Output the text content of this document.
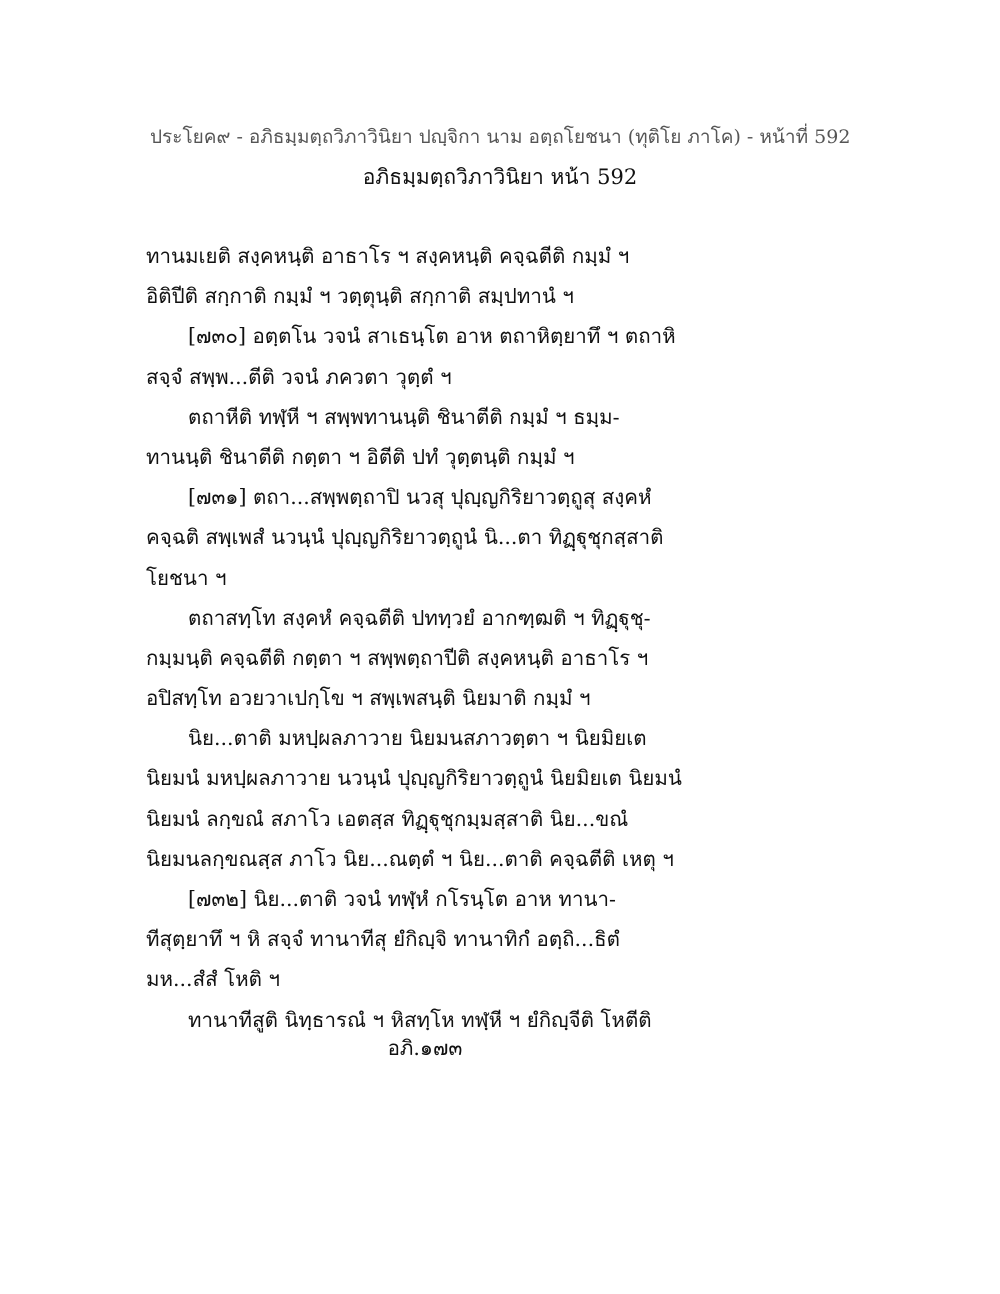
ประโยค๙ - อภิธมฺมตฺถวิภาวินิยา ปญฺจิกา นาม อตฺถโยชนา (ทุติโย ภาโค) - หน้าที่ 592
อภิธมฺมตฺถวิภาวินิยา หน้า 592
ทานมเยติ สงฺคหนฺติ อาธาโร ฯ สงฺคหนฺติ คจฺฉตีติ กมฺมํ ฯ
อิติปีติ สกฺกาติ กมฺมํ ฯ วตฺตุนฺติ สกฺกาติ สมฺปทานํ ฯ
[๗๓๐] อตฺตโน วจนํ สาเธนฺโต อาห ตถาหิตฺยาทึ ฯ ตถาหิ
สจฺจํ สพฺพ...ตีติ วจนํ ภควตา วุตฺตํ ฯ
ตถาหีติ ทฬฺหี ฯ สพฺพทานนฺติ ชินาตีติ กมฺมํ ฯ ธมฺม-
ทานนฺติ ชินาตีติ กตฺตา ฯ อิตีติ ปทํ วุตฺตนฺติ กมฺมํ ฯ
[๗๓๑] ตถา...สพฺพตฺถาปิ นวสุ ปุญฺญกิริยาวตฺถูสุ สงฺคหํ
คจฺฉติ สพฺเพสํ นวนฺนํ ปุญฺญกิริยาวตฺถูนํ นิ...ตา ทิฏฺฐุชุกสฺสาติ
โยชนา ฯ
ตถาสทฺโท สงฺคหํ คจฺฉตีติ ปททฺวยํ อากฑฺฒติ ฯ ทิฏฺฐุชุ-
กมฺมนฺติ คจฺฉตีติ กตฺตา ฯ สพฺพตฺถาปีติ สงฺคหนฺติ อาธาโร ฯ
อปิสทฺโท อวยวาเปกฺโข ฯ สพฺเพสนฺติ นิยมาติ กมฺมํ ฯ
นิย...ตาติ มหปฺผลภาวาย นิยมนสภาวตฺตา ฯ นิยมิยเต
นิยมนํ มหปฺผลภาวาย นวนฺนํ ปุญฺญกิริยาวตฺถูนํ นิยมิยเต นิยมนํ
นิยมนํ ลกฺขณํ สภาโว เอตสฺส ทิฏฺฐุชุกมฺมสฺสาติ นิย...ขณํ
นิยมนลกฺขณสฺส ภาโว นิย...ณตฺตํ ฯ นิย...ตาติ คจฺฉตีติ เหตุ ฯ
[๗๓๒] นิย...ตาติ วจนํ ทฬฺหํ กโรนฺโต อาห ทานา-
ทีสุตฺยาทึ ฯ หิ สจฺจํ ทานาทีสุ ยํกิญฺจิ ทานาทิกํ อตฺถิ...ธิตํ
มห...สํสํ โหติ ฯ
ทานาทีสูติ นิทฺธารณํ ฯ หิสทฺโห ทฬฺหี ฯ ยํกิญฺจีติ โหตีติ
อภิ.๑๗๓
